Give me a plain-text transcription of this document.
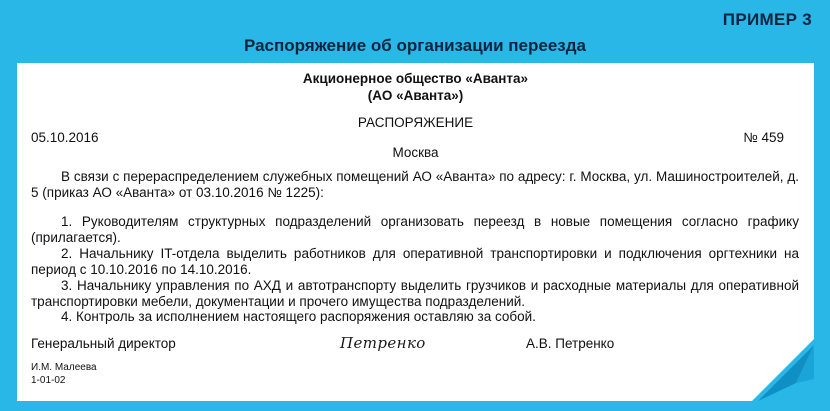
ПРИМЕР 3
Распоряжение об организации переезда
Акционерное общество «Аванта»
(АО «Аванта»)
РАСПОРЯЖЕНИЕ
05.10.2016	№ 459
Москва

В связи с перераспределением служебных помещений АО «Аванта» по адресу: г. Москва, ул. Машиностроителей, д. 5 (приказ АО «Аванта» от 03.10.2016 № 1225):

1. Руководителям структурных подразделений организовать переезд в новые помещения согласно графику (прилагается).

2. Начальнику IT-отдела выделить работников для оперативной транспортировки и подключения оргтехники на период с 10.10.2016 по 14.10.2016.

3. Начальнику управления по АХД и автотранспорту выделить грузчиков и расходные материалы для оперативной транспортировки мебели, документации и прочего имущества подразделений.

4. Контроль за исполнением настоящего распоряжения оставляю за собой.

Генеральный директор	Петренко	А.В. Петренко
И.М. Малеева
1-01-02
